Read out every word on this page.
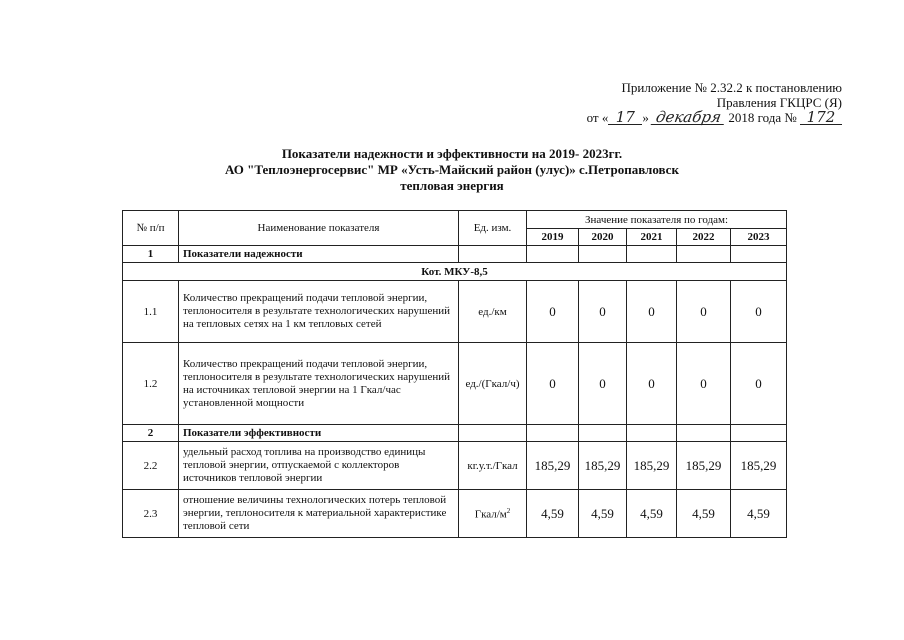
Приложение № 2.32.2 к постановлению
Правления ГКЦРС (Я)
от « 17 » декабря 2018 года № 172
Показатели надежности и эффективности на 2019- 2023гг.
АО "Теплоэнергосервис" МР «Усть-Майский район (улус)» с.Петропавловск
тепловая энергия
№ п/п	Наименование показателя	Ед. изм.	Значение показателя по годам:				
			2019	2020	2021	2022	2023
1	Показатели надежности						
Кот. МКУ-8,5							
1.1	Количество прекращений подачи тепловой энергии, теплоносителя в результате технологических нарушений на тепловых сетях на 1 км тепловых сетей	ед./км	0	0	0	0	0
1.2	Количество прекращений подачи тепловой энергии, теплоносителя в результате технологических нарушений на источниках тепловой энергии на 1 Гкал/час установленной мощности	ед./(Гкал/ч)	0	0	0	0	0
2	Показатели эффективности						
2.2	удельный расход топлива на производство единицы тепловой энергии, отпускаемой с коллекторов источников тепловой энергии	кг.у.т./Гкал	185,29	185,29	185,29	185,29	185,29
2.3	отношение величины технологических потерь тепловой энергии, теплоносителя к материальной характеристике тепловой сети	Гкал/$м^2$	4,59	4,59	4,59	4,59	4,59
